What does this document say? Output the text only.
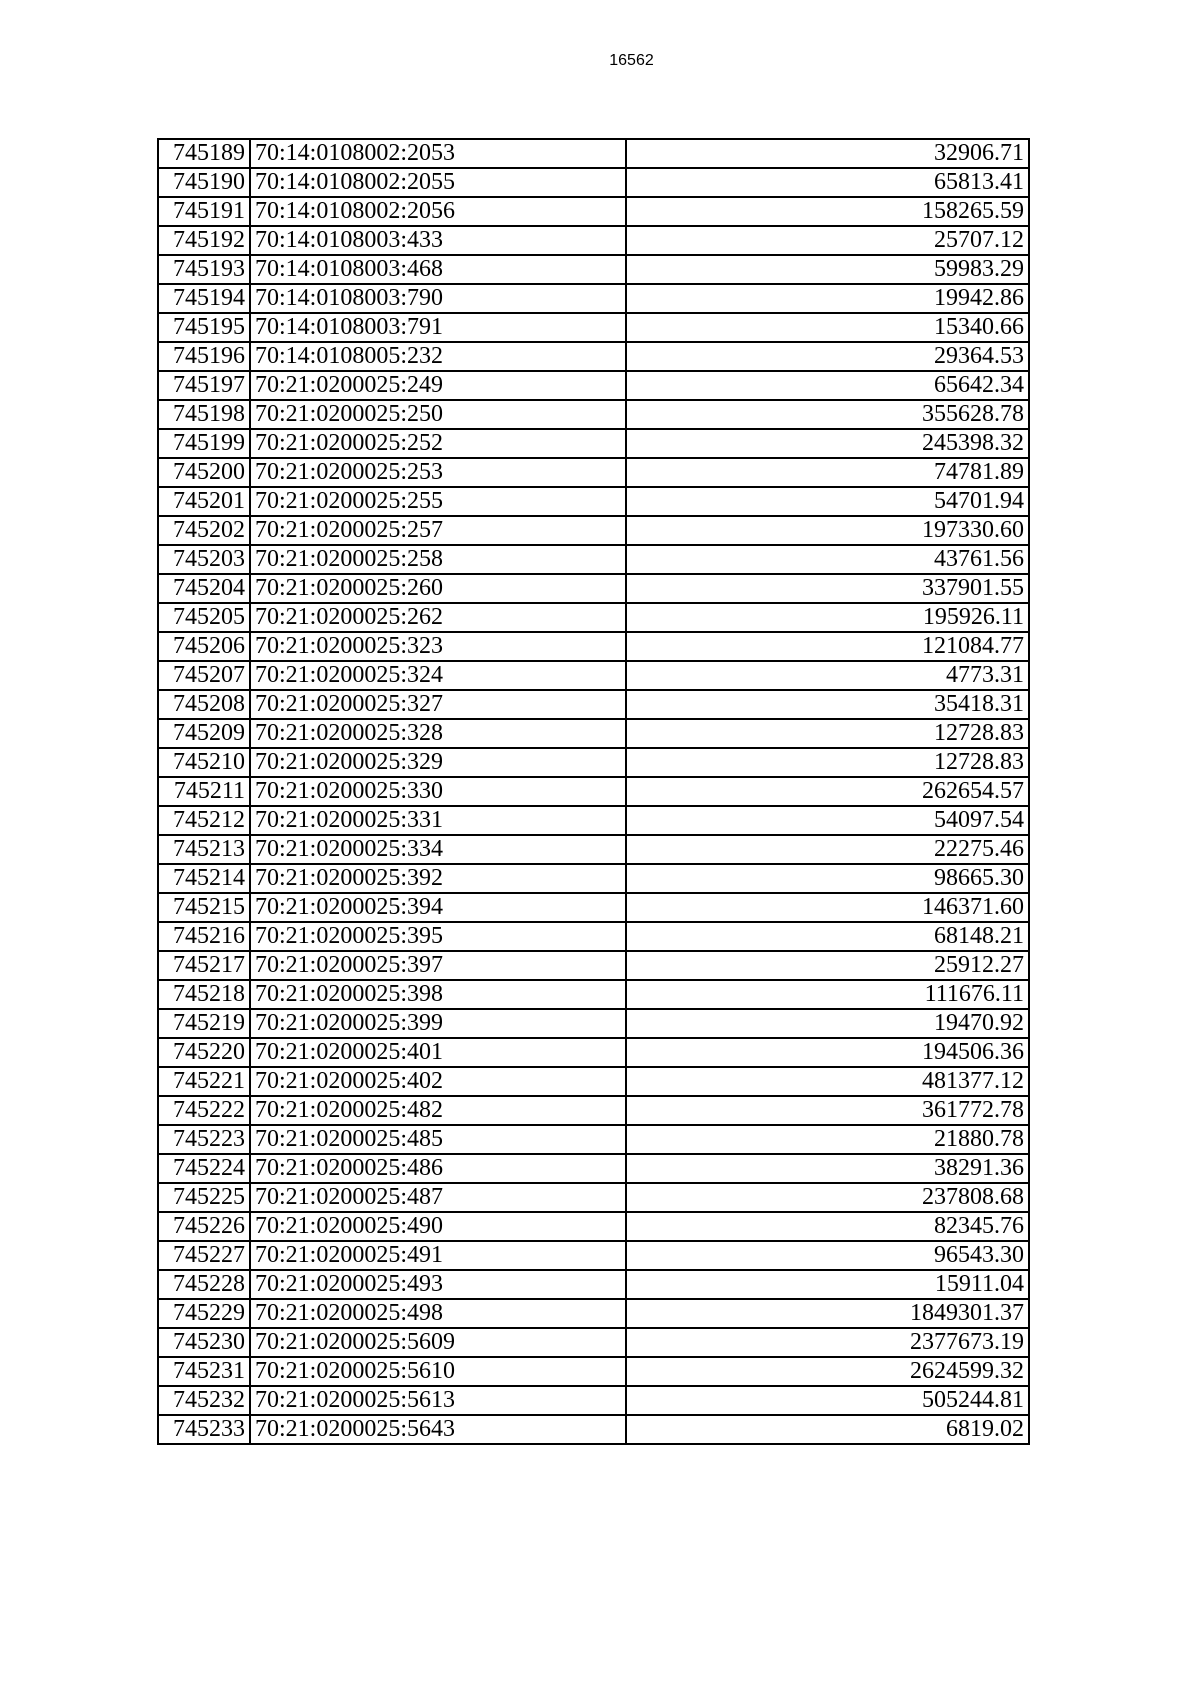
16562
745189	70:14:0108002:2053	32906.71
745190	70:14:0108002:2055	65813.41
745191	70:14:0108002:2056	158265.59
745192	70:14:0108003:433	25707.12
745193	70:14:0108003:468	59983.29
745194	70:14:0108003:790	19942.86
745195	70:14:0108003:791	15340.66
745196	70:14:0108005:232	29364.53
745197	70:21:0200025:249	65642.34
745198	70:21:0200025:250	355628.78
745199	70:21:0200025:252	245398.32
745200	70:21:0200025:253	74781.89
745201	70:21:0200025:255	54701.94
745202	70:21:0200025:257	197330.60
745203	70:21:0200025:258	43761.56
745204	70:21:0200025:260	337901.55
745205	70:21:0200025:262	195926.11
745206	70:21:0200025:323	121084.77
745207	70:21:0200025:324	4773.31
745208	70:21:0200025:327	35418.31
745209	70:21:0200025:328	12728.83
745210	70:21:0200025:329	12728.83
745211	70:21:0200025:330	262654.57
745212	70:21:0200025:331	54097.54
745213	70:21:0200025:334	22275.46
745214	70:21:0200025:392	98665.30
745215	70:21:0200025:394	146371.60
745216	70:21:0200025:395	68148.21
745217	70:21:0200025:397	25912.27
745218	70:21:0200025:398	111676.11
745219	70:21:0200025:399	19470.92
745220	70:21:0200025:401	194506.36
745221	70:21:0200025:402	481377.12
745222	70:21:0200025:482	361772.78
745223	70:21:0200025:485	21880.78
745224	70:21:0200025:486	38291.36
745225	70:21:0200025:487	237808.68
745226	70:21:0200025:490	82345.76
745227	70:21:0200025:491	96543.30
745228	70:21:0200025:493	15911.04
745229	70:21:0200025:498	1849301.37
745230	70:21:0200025:5609	2377673.19
745231	70:21:0200025:5610	2624599.32
745232	70:21:0200025:5613	505244.81
745233	70:21:0200025:5643	6819.02
